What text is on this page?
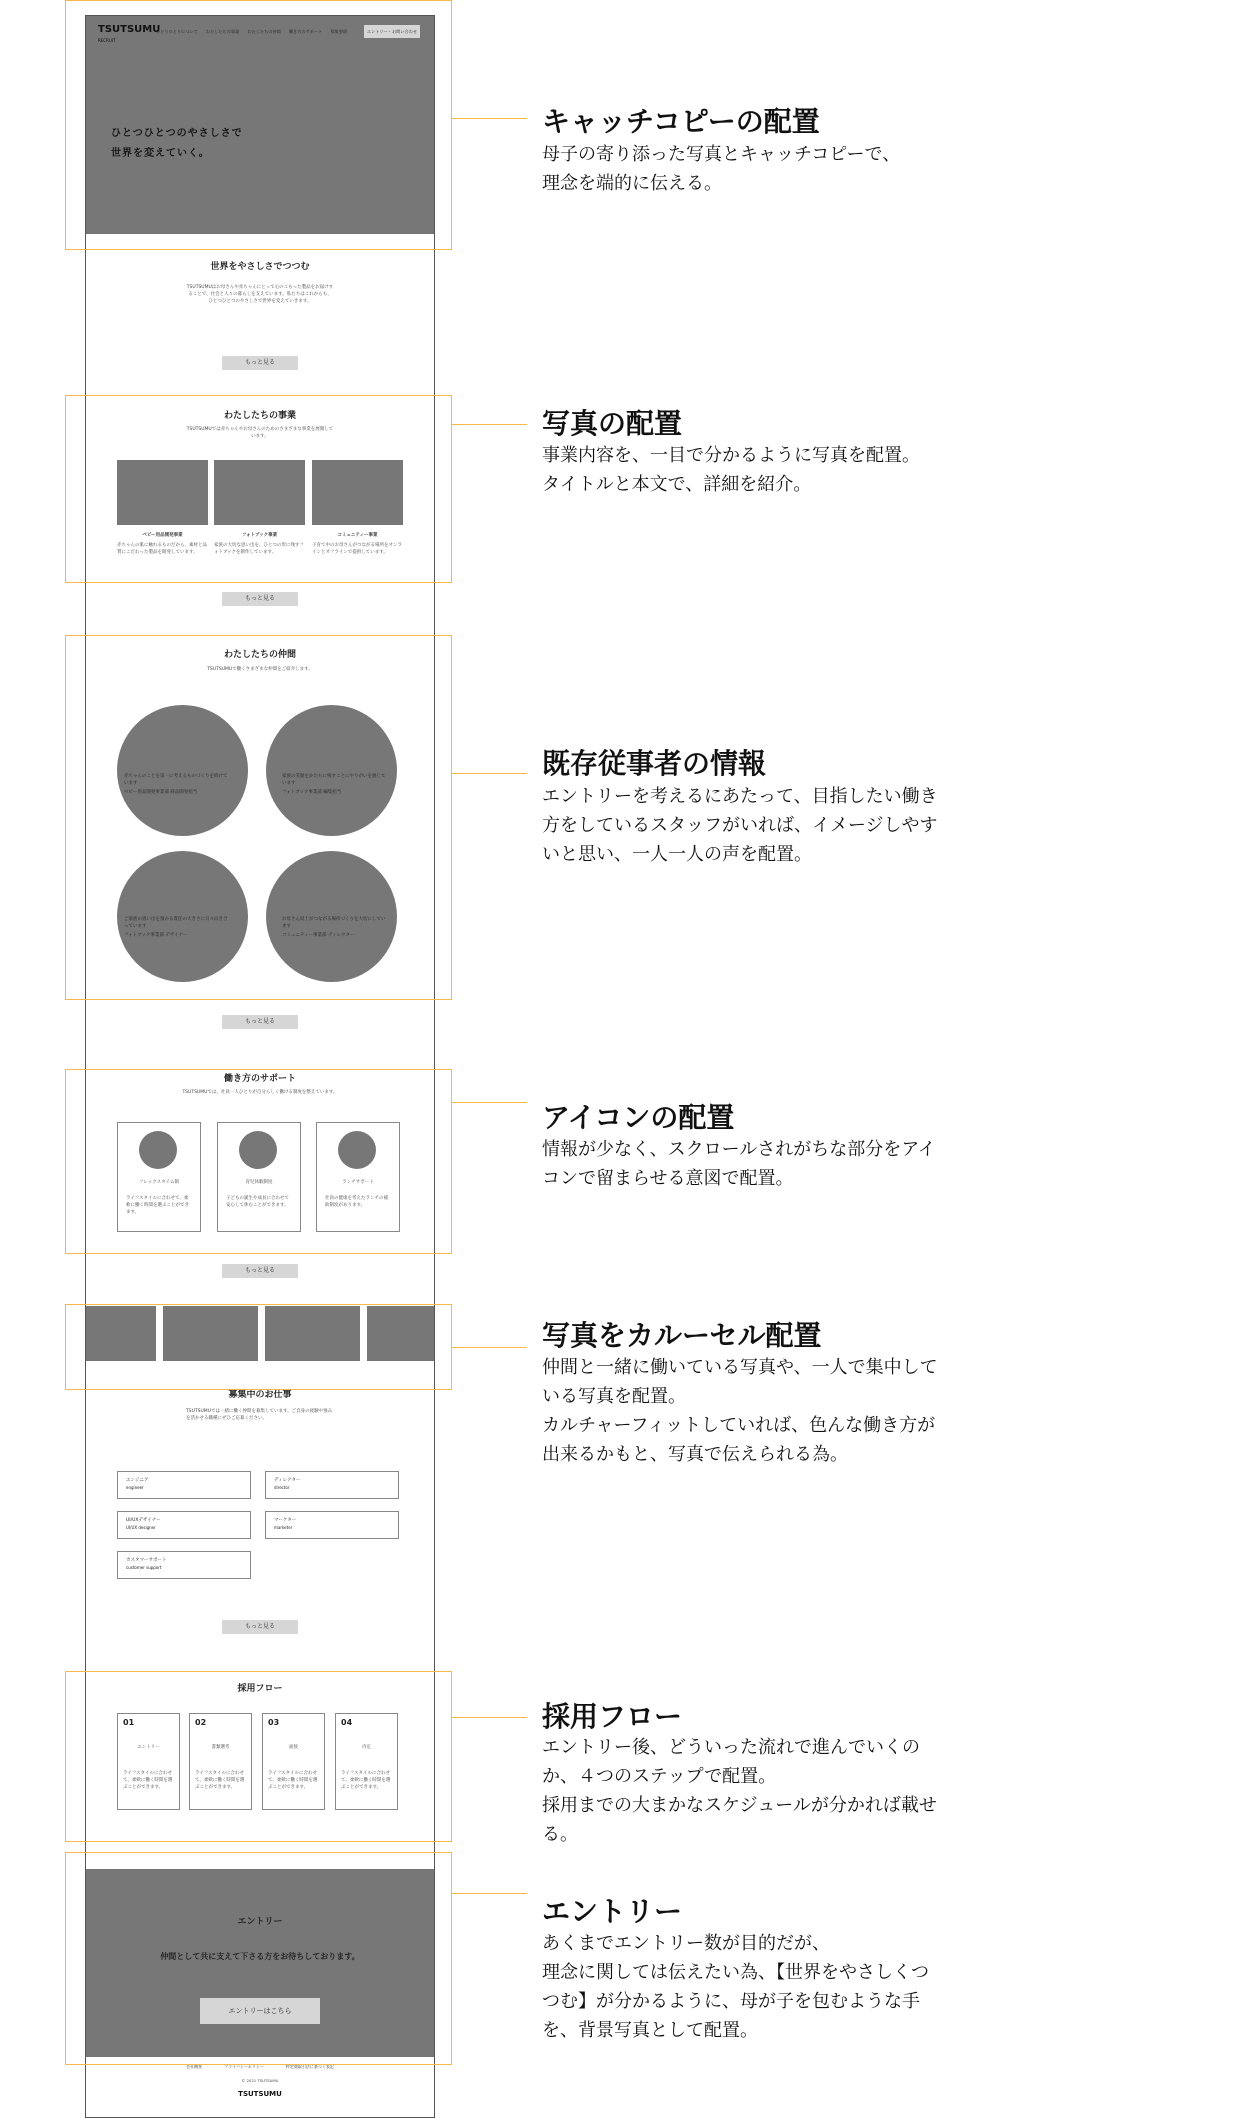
TSUTSUMU
RECRUIT
ひとりひとりについて わたしたちの事業 わたしたちの仲間 働き方のサポート 募集要項	エントリー・お問い合わせ
ひとつひとつのやさしさで
世界を変えていく。
世界をやさしさでつつむ
TSUTSUMUはお母さんや赤ちゃんにとって心のこもった製品をお届けすることで、社会と人々の暮らしを支えています。私たちはこれからも、ひとつひとつのやさしさで世界を変えていきます。
もっと見る
わたしたちの事業
TSUTSUMUでは赤ちゃんやお母さんのためのさまざまな事業を展開しています。
ベビー用品開発事業
赤ちゃんの肌に触れるものだから、素材と品質にこだわった製品を開発しています。
フォトブック事業
家族の大切な思い出を、ひとつの形に残すフォトブックを制作しています。
コミュニティー事業
子育て中のお母さんがつながる場所をオンラインとオフラインで提供しています。
もっと見る
わたしたちの仲間
TSUTSUMUで働くさまざまな仲間をご紹介します。
赤ちゃんのことを第一に考えるものづくりを続けています
ベビー用品開発事業部 商品開発担当
家族の笑顔をかたちに残すことにやりがいを感じています
フォトブック事業部 編集担当
ご家族の思い出を預かる責任の大きさに日々向き合っています
フォトブック事業部 デザイナー
お母さん同士がつながる場所づくりを大切にしています
コミュニティー事業部 ディレクター
もっと見る
働き方のサポート
TSUTSUMUでは、社員一人ひとりが自分らしく働ける制度を整えています。
フレックスタイム制
ライフスタイルに合わせて、柔軟に働く時間を選ぶことができます。
育児休暇制度
子どもの誕生や成長に合わせて安心して休むことができます。
ランチサポート
社員の健康を考えたランチの補助制度があります。
もっと見る
募集中のお仕事
TSUTSUMUでは一緒に働く仲間を募集しています。ご自身の経験や強みを活かせる職種にぜひご応募ください。
エンジニア
engineer
ディレクター
director
UI/UXデザイナー
UI/UX designer
マーケター
marketer
カスタマーサポート
customer support
もっと見る
採用フロー
01
エントリー
ライフスタイルに合わせて、柔軟に働く時間を選ぶことができます。
02
書類選考
ライフスタイルに合わせて、柔軟に働く時間を選ぶことができます。
03
面接
ライフスタイルに合わせて、柔軟に働く時間を選ぶことができます。
04
内定
ライフスタイルに合わせて、柔軟に働く時間を選ぶことができます。
エントリー
仲間として共に支えて下さる方をお待ちしております。
エントリーはこちら
会社概要	プライバシーポリシー	特定商取引法に基づく表記
© 2021 TSUTSUMU
TSUTSUMU
キャッチコピーの配置
母子の寄り添った写真とキャッチコピーで、
理念を端的に伝える。
写真の配置
事業内容を、一目で分かるように写真を配置。
タイトルと本文で、詳細を紹介。
既存従事者の情報
エントリーを考えるにあたって、目指したい働き
方をしているスタッフがいれば、イメージしやす
いと思い、一人一人の声を配置。
アイコンの配置
情報が少なく、スクロールされがちな部分をアイ
コンで留まらせる意図で配置。
写真をカルーセル配置
仲間と一緒に働いている写真や、一人で集中して
いる写真を配置。
カルチャーフィットしていれば、色んな働き方が
出来るかもと、写真で伝えられる為。
採用フロー
エントリー後、どういった流れで進んでいくの
か、４つのステップで配置。
採用までの大まかなスケジュールが分かれば載せ
る。
エントリー
あくまでエントリー数が目的だが、
理念に関しては伝えたい為、【世界をやさしくつ
つむ】が分かるように、母が子を包むような手
を、背景写真として配置。
